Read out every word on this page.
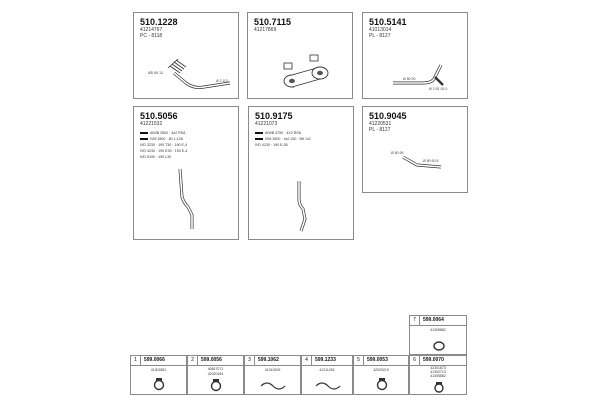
510.1228
41214767
PC - 8118
ØD 89.13
Ø 2 101
510.7115
41217869
510.5141
41013014
PL - 8127
Ø 80 90
Ø 2 81 00.0
510.5056
41221532
AIWB 3500 · 4x2 RSA
IVM 3500 · 80 1-126
IVD 3230 · 190 T30 · 190 E-4
IVD 4230 · 190 E30 · 190 E-4
IVD 5190 · 190 L30
510.9175
41221073
AIWB 3750 · 4X2 RSA
IVM 3500 · 4x2 150 · 5B 141
IVD 4230 · 190 E-50
510.9045
41220531
PL - 8127
Ø 80 95
Ø 80 90.5
7	599.0064
41305882
1	599.0066
41301881
2	599.0056
40817071
42020164
3	599.1062
41310209
4	599.1233
41211252
5	599.0053
42020219
6	599.0070
42301873
41302713
41305882
